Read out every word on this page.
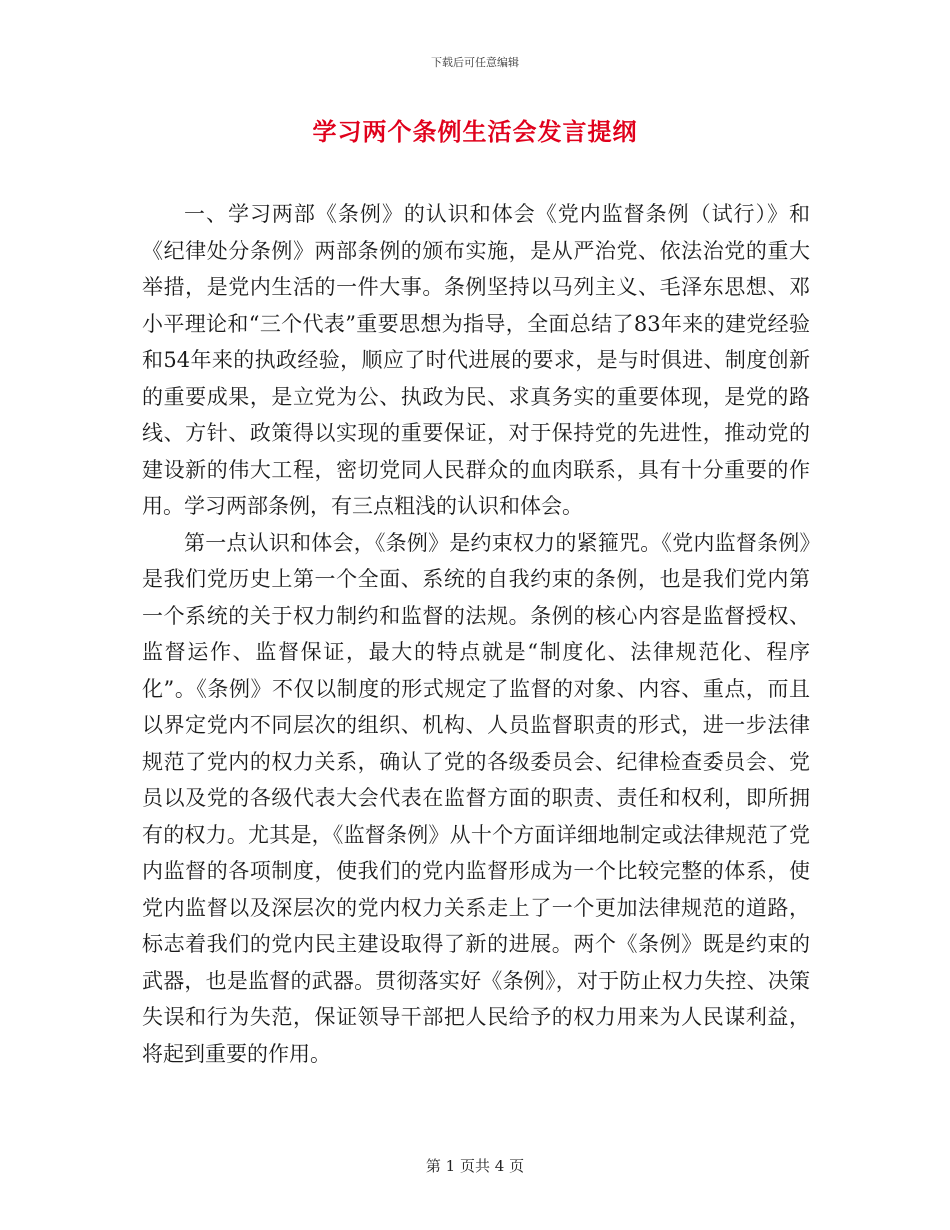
下载后可任意编辑
学习两个条例生活会发言提纲

一、学习两部《条例》的认识和体会《党内监督条例（试行）》和《纪律处分条例》两部条例的颁布实施，是从严治党、依法治党的重大举措，是党内生活的一件大事。条例坚持以马列主义、毛泽东思想、邓小平理论和“三个代表”重要思想为指导，全面总结了83年来的建党经验和54年来的执政经验，顺应了时代进展的要求，是与时俱进、制度创新的重要成果，是立党为公、执政为民、求真务实的重要体现，是党的路线、方针、政策得以实现的重要保证，对于保持党的先进性，推动党的建设新的伟大工程，密切党同人民群众的血肉联系，具有十分重要的作用。学习两部条例，有三点粗浅的认识和体会。

第一点认识和体会，《条例》是约束权力的紧箍咒。《党内监督条例》是我们党历史上第一个全面、系统的自我约束的条例，也是我们党内第一个系统的关于权力制约和监督的法规。条例的核心内容是监督授权、监督运作、监督保证，最大的特点就是“制度化、法律规范化、程序化”。《条例》不仅以制度的形式规定了监督的对象、内容、重点，而且以界定党内不同层次的组织、机构、人员监督职责的形式，进一步法律规范了党内的权力关系，确认了党的各级委员会、纪律检查委员会、党员以及党的各级代表大会代表在监督方面的职责、责任和权利，即所拥有的权力。尤其是，《监督条例》从十个方面详细地制定或法律规范了党内监督的各项制度，使我们的党内监督形成为一个比较完整的体系，使党内监督以及深层次的党内权力关系走上了一个更加法律规范的道路，标志着我们的党内民主建设取得了新的进展。两个《条例》既是约束的武器，也是监督的武器。贯彻落实好《条例》，对于防止权力失控、决策失误和行为失范，保证领导干部把人民给予的权力用来为人民谋利益，将起到重要的作用。

第 1 页共 4 页
